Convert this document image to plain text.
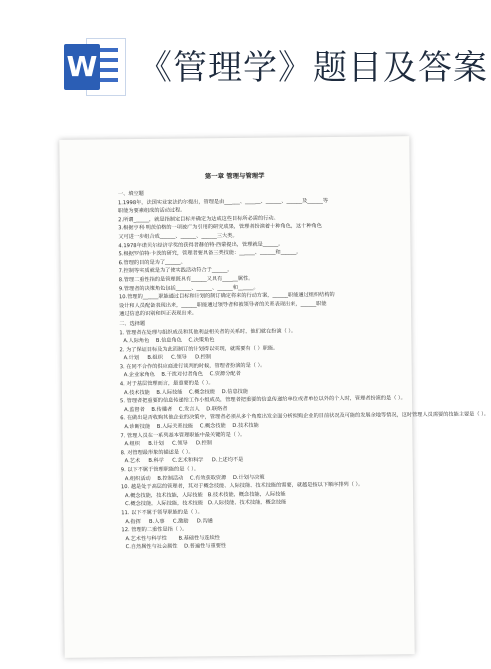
W 《管理学》题目及答案
第一章 管理与管理学
一、填空题
1.1998年，法国实业家法约尔提出，管理是由______、______、______、______及______等
职能为要素组成的活动过程。
2.所谓______，就是指制定目标并确定为达成这些目标所必需的行动。
3.根据亨利·明茨伯格的一项被广为引用的研究成果，管理者扮演着十种角色，这十种角色
又可进一步组合成______、______、______三大类。
4.1978年诺贝尔经济学奖的获得者赫伯特·西蒙提出，管理就是______。
5.根据罗伯特·卡茨的研究，管理者要具备三类技能：______、______和______。
6.管理的目的是为了______。
7.控制等实质就是为了使实践活动符合于______。
8.管理二重性指的是管理既具有______又具有______属性。
9.管理者的决策角色包括______、______、______和______。
10.管理的______职能通过目标和计划的制订确定将来的行动方案，______职能通过组织结构的
设计和人员配备表现出来，______职能通过领导者和被领导者的关系表现出来，______职能
通过信息的识别和纠正表现出来。
二、选择题
1. 管理者在处理与组织成员和其他利益相关者的关系时，他们就在扮演（ ）。
A.人际角色 B.信息角色 C.决策角色
2. 为了保证目标及为此而制订的计划得以实现，就需要有（ ）职能。
A.计划 B.组织 C.领导 D.控制
3. 在同不合作的供应商进行谈判的时候，管理者扮演的是（ ）。
A.企业家角色 B.干扰对付者角色 C.资源分配者
4. 对于基层管理而言，最重要的是（ ）。
A.技术技能 B.人际技能 C.概念技能 D.信息技能
5. 管理者把重要的信息传递给工作小组成员，管理者把重要的信息传递给单位或者单位以外的个人时，管理者扮演的是（ ）。
A.监督者 B.传播者 C.发言人 D.联络者
6. 在做出是否收购其他企业的决策中，管理者必须从多个角度出发全面分析拟购企业的目前状况及可能的发展余地等情况，这时管理人员需要的技能主要是（ ）。
A.诊断技能 B.人际关系技能 C.概念技能 D.技术技能
7. 管理人员在一系列基本管理职能中最关键的是（ ）。
A.组织 B.计划 C.领导 D.控制
8. 对管理最形象的描述是（ ）。
A.艺术 B.科学 C.艺术和科学 D.上述均不是
9. 以下不属于管理职能的是（ ）。
A.组织活动 B.控制活动 C.有效获取资源 D.计划与决策
10. 越是处于高层的管理者，其对于概念技能、人际技能、技术技能的需要，就越是按以下顺序排列（ ）。
A.概念技能，技术技能，人际技能 B.技术技能，概念技能，人际技能
C.概念技能，人际技能，技术技能 D.人际技能，技术技能，概念技能
11. 以下不属于领导职能的是（ ）。
A.指挥 B.人事 C.激励 D.沟通
12. 管理的二重性是指（ ）。
A.艺术性与科学性 B.基础性与连续性
C.自然属性与社会属性 D.普遍性与重要性
